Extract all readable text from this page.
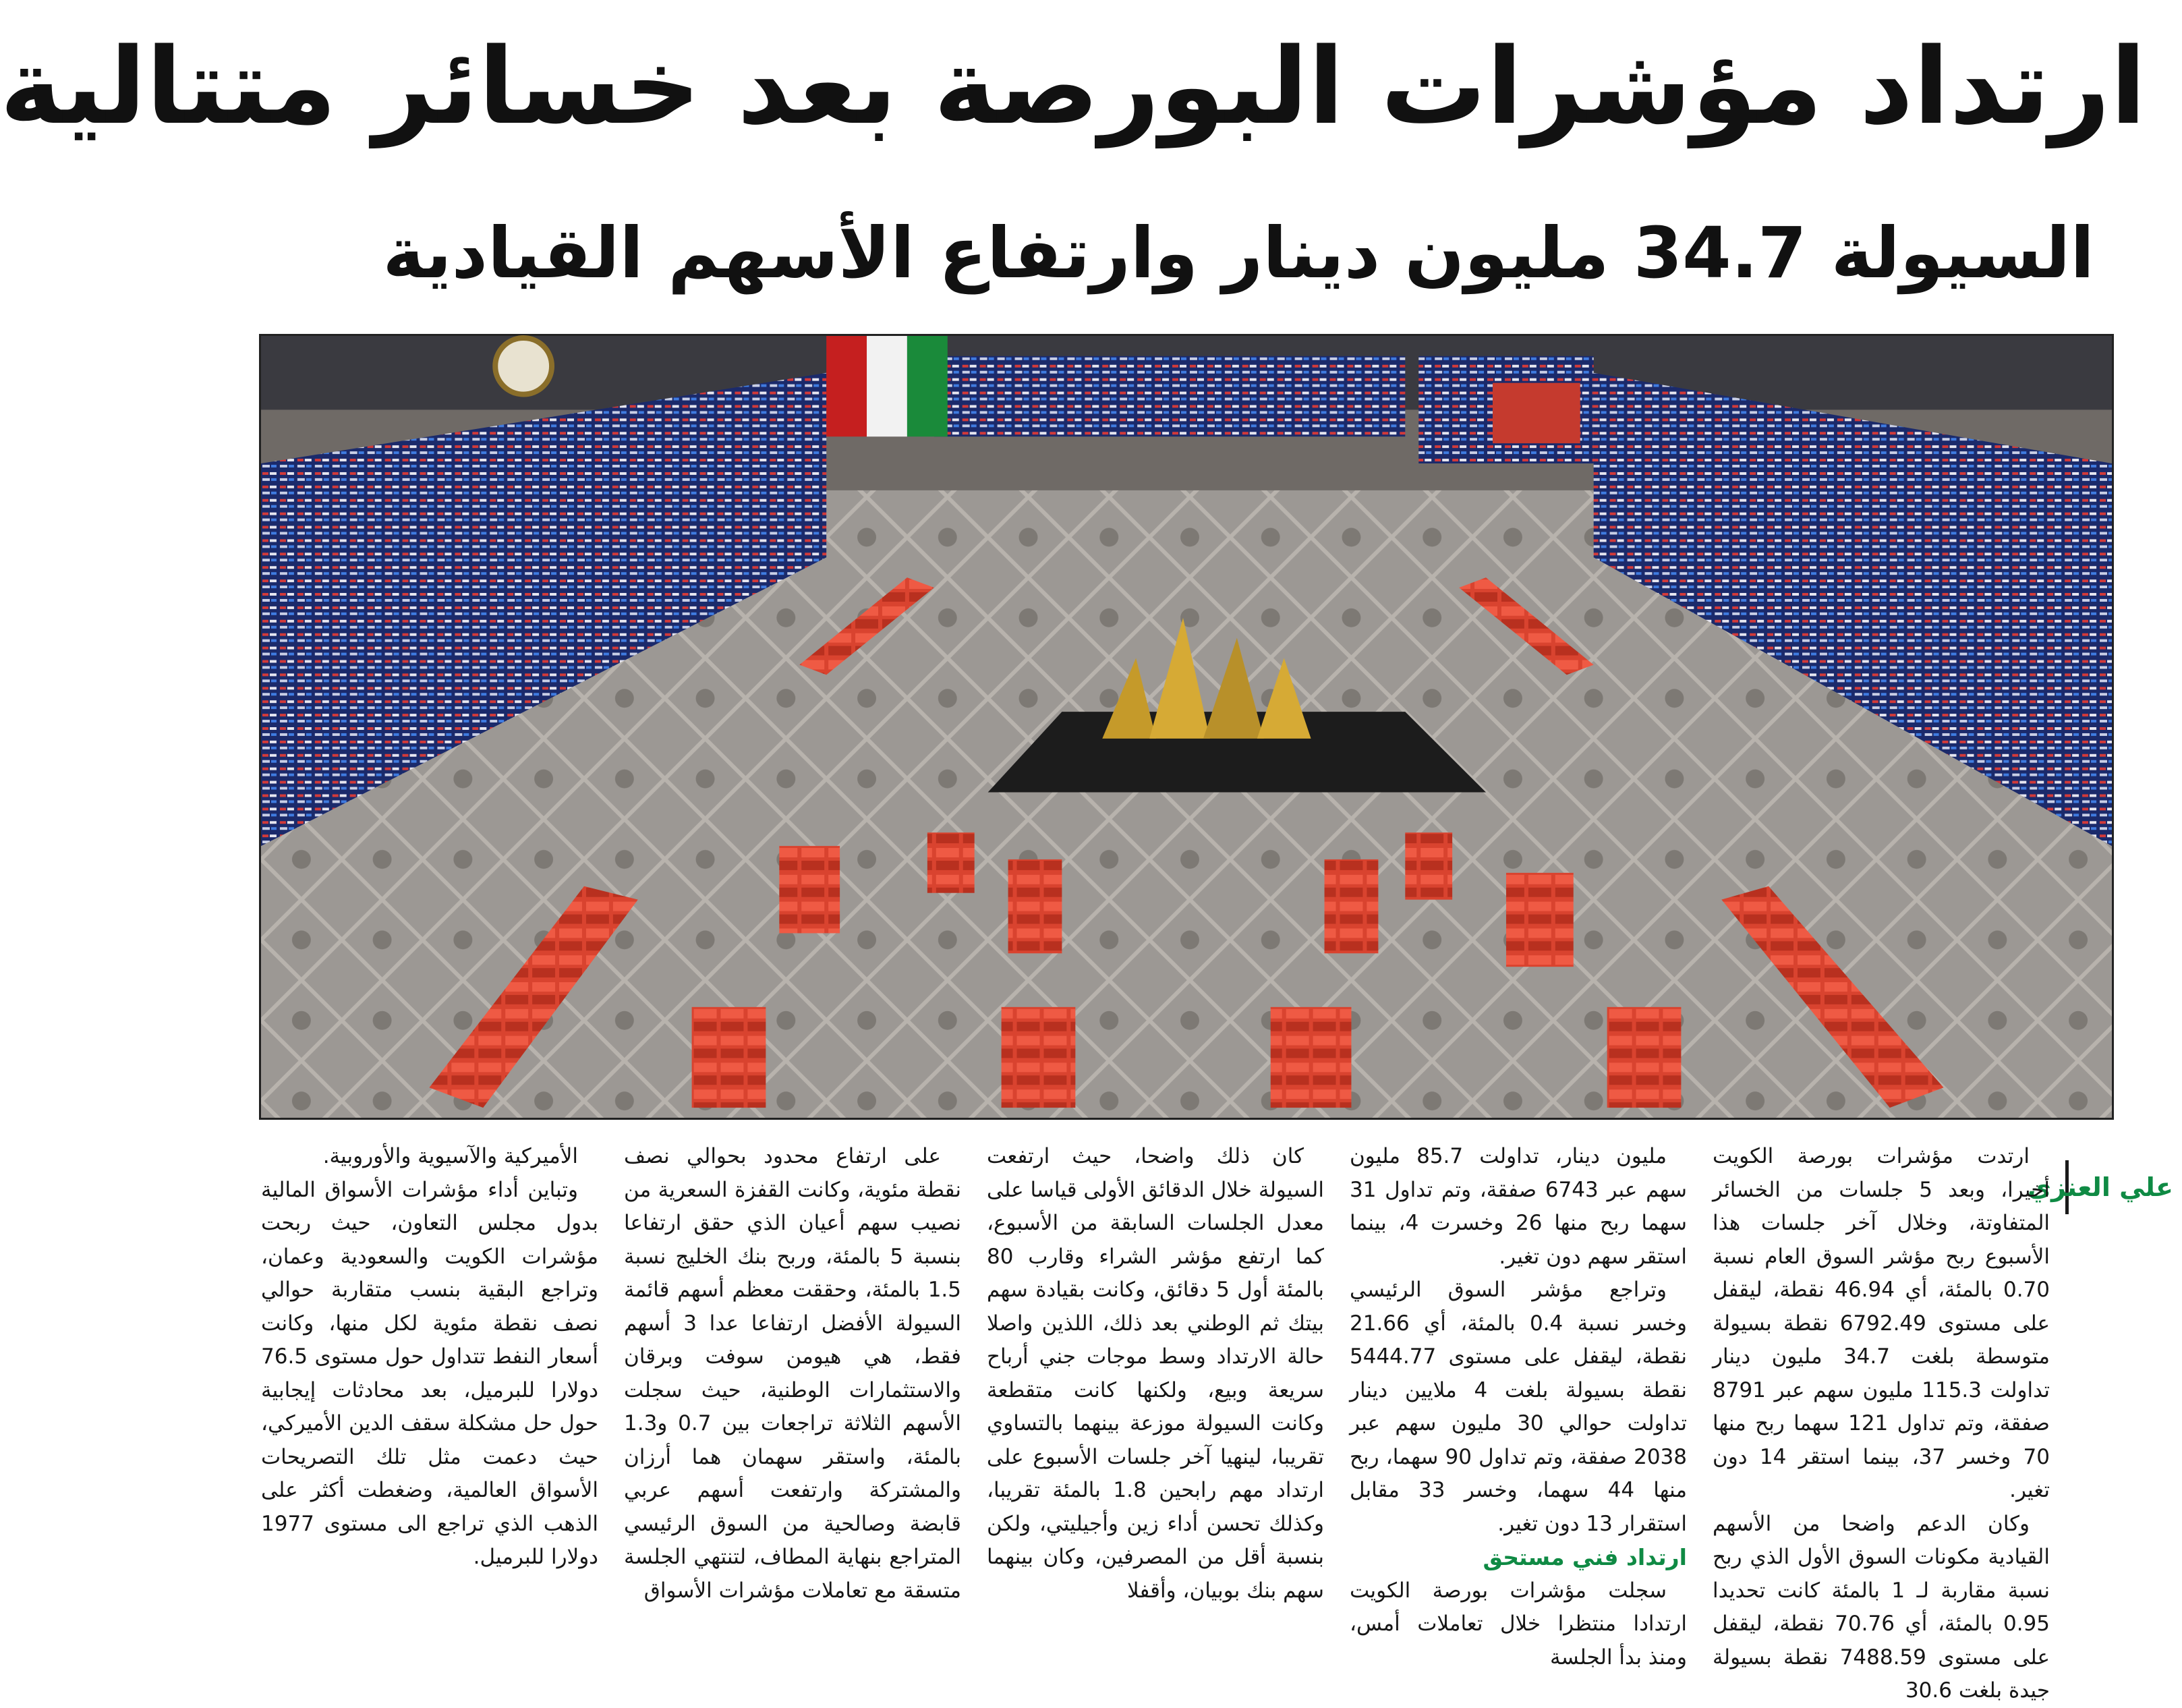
ارتداد مؤشرات البورصة بعد خسائر متتالية
السيولة 34.7 مليون دينار وارتفاع الأسهم القيادية
علي العنزي

ارتدت مؤشرات بورصة الكويت أخيرا، وبعد 5 جلسات من الخسائر المتفاوتة، وخلال آخر جلسات هذا الأسبوع ربح مؤشر السوق العام نسبة 0.70 بالمئة، أي 46.94 نقطة، ليقفل على مستوى 6792.49 نقطة بسيولة متوسطة بلغت 34.7 مليون دينار تداولت 115.3 مليون سهم عبر 8791 صفقة، وتم تداول 121 سهما ربح منها 70 وخسر 37، بينما استقر 14 دون تغير.

وكان الدعم واضحا من الأسهم القيادية مكونات السوق الأول الذي ربح نسبة مقاربة لـ 1 بالمئة كانت تحديدا 0.95 بالمئة، أي 70.76 نقطة، ليقفل على مستوى 7488.59 نقطة بسيولة جيدة بلغت 30.6

مليون دينار، تداولت 85.7 مليون سهم عبر 6743 صفقة، وتم تداول 31 سهما ربح منها 26 وخسرت 4، بينما استقر سهم دون تغير.

وتراجع مؤشر السوق الرئيسي وخسر نسبة 0.4 بالمئة، أي 21.66 نقطة، ليقفل على مستوى 5444.77 نقطة بسيولة بلغت 4 ملايين دينار تداولت حوالي 30 مليون سهم عبر 2038 صفقة، وتم تداول 90 سهما، ربح منها 44 سهما، وخسر 33 مقابل استقرار 13 دون تغير.

ارتداد فني مستحق

سجلت مؤشرات بورصة الكويت ارتدادا منتظرا خلال تعاملات أمس، ومنذ بدأ الجلسة

كان ذلك واضحا، حيث ارتفعت السيولة خلال الدقائق الأولى قياسا على معدل الجلسات السابقة من الأسبوع، كما ارتفع مؤشر الشراء وقارب 80 بالمئة أول 5 دقائق، وكانت بقيادة سهم بيتك ثم الوطني بعد ذلك، اللذين واصلا حالة الارتداد وسط موجات جني أرباح سريعة وبيع، ولكنها كانت متقطعة وكانت السيولة موزعة بينهما بالتساوي تقريبا، لينهيا آخر جلسات الأسبوع على ارتداد مهم رابحين 1.8 بالمئة تقريبا، وكذلك تحسن أداء زين وأجيليتي، ولكن بنسبة أقل من المصرفين، وكان بينهما سهم بنك بوبيان، وأقفلا

على ارتفاع محدود بحوالي نصف نقطة مئوية، وكانت القفزة السعرية من نصيب سهم أعيان الذي حقق ارتفاعا بنسبة 5 بالمئة، وربح بنك الخليج نسبة 1.5 بالمئة، وحققت معظم أسهم قائمة السيولة الأفضل ارتفاعا عدا 3 أسهم فقط، هي هيومن سوفت وبرقان والاستثمارات الوطنية، حيث سجلت الأسهم الثلاثة تراجعات بين 0.7 و1.3 بالمئة، واستقر سهمان هما أرزان والمشتركة وارتفعت أسهم عربي قابضة وصالحية من السوق الرئيسي المتراجع بنهاية المطاف، لتنتهي الجلسة متسقة مع تعاملات مؤشرات الأسواق

الأميركية والآسيوية والأوروبية.

وتباين أداء مؤشرات الأسواق المالية بدول مجلس التعاون، حيث ربحت مؤشرات الكويت والسعودية وعمان، وتراجع البقية بنسب متقاربة حوالي نصف نقطة مئوية لكل منها، وكانت أسعار النفط تتداول حول مستوى 76.5 دولارا للبرميل، بعد محادثات إيجابية حول حل مشكلة سقف الدين الأميركي، حيث دعمت مثل تلك التصريحات الأسواق العالمية، وضغطت أكثر على الذهب الذي تراجع الى مستوى 1977 دولارا للبرميل.
